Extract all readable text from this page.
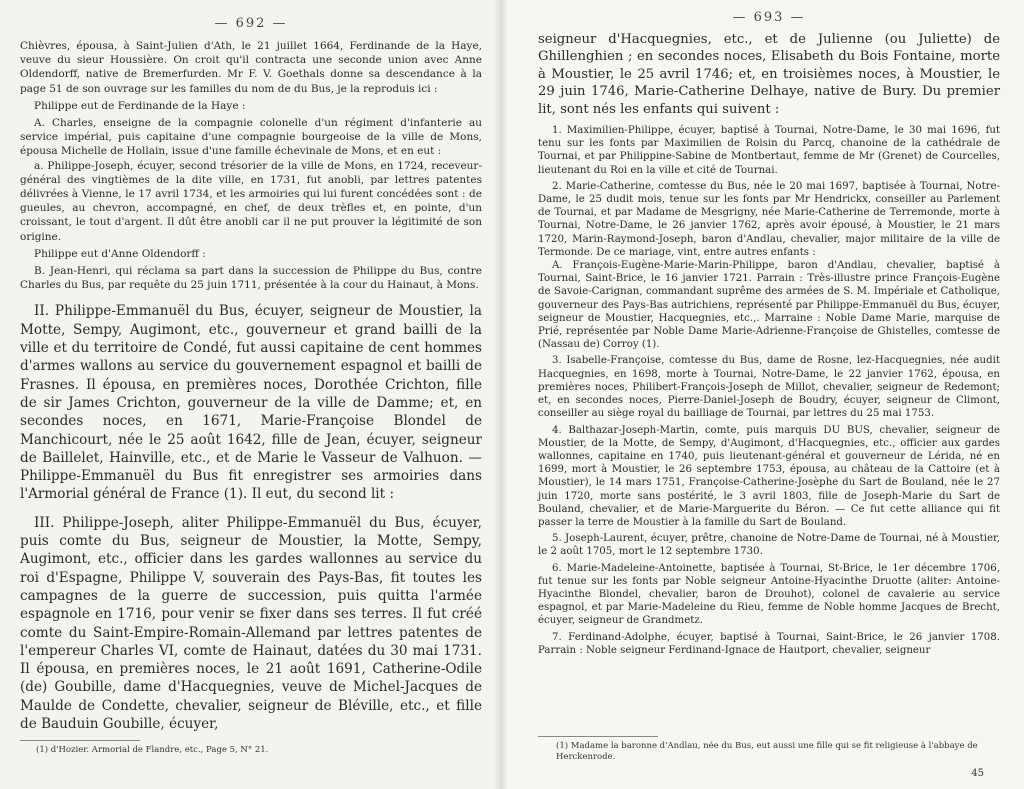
— 692 —

Chièvres, épousa, à Saint-Julien d'Ath, le 21 juillet 1664, Ferdinande de la Haye, veuve du sieur Houssière. On croit qu'il contracta une seconde union avec Anne Oldendorff, native de Bremerfurden. Mr F. V. Goethals donne sa descendance à la page 51 de son ouvrage sur les familles du nom de du Bus, je la reproduis ici :

Philippe eut de Ferdinande de la Haye :

A. Charles, enseigne de la compagnie colonelle d'un régiment d'infanterie au service impérial, puis capitaine d'une compagnie bourgeoise de la ville de Mons, épousa Michelle de Hollain, issue d'une famille échevinale de Mons, et en eut :

a. Philippe-Joseph, écuyer, second trésorier de la ville de Mons, en 1724, receveur-général des vingtièmes de la dite ville, en 1731, fut anobli, par lettres patentes délivrées à Vienne, le 17 avril 1734, et les armoiries qui lui furent concédées sont : de gueules, au chevron, accompagné, en chef, de deux trèfles et, en pointe, d'un croissant, le tout d'argent. Il dût être anobli car il ne put prouver la légitimité de son origine.

Philippe eut d'Anne Oldendorff :

B. Jean-Henri, qui réclama sa part dans la succession de Philippe du Bus, contre Charles du Bus, par requête du 25 juin 1711, présentée à la cour du Hainaut, à Mons.

II. Philippe-Emmanuël du Bus, écuyer, seigneur de Moustier, la Motte, Sempy, Augimont, etc., gouverneur et grand bailli de la ville et du territoire de Condé, fut aussi capitaine de cent hommes d'armes wallons au service du gouvernement espagnol et bailli de Frasnes. Il épousa, en premières noces, Dorothée Crichton, fille de sir James Crichton, gouverneur de la ville de Damme; et, en secondes noces, en 1671, Marie-Françoise Blondel de Manchicourt, née le 25 août 1642, fille de Jean, écuyer, seigneur de Baillelet, Hainville, etc., et de Marie le Vasseur de Valhuon. — Philippe-Emmanuël du Bus fit enregistrer ses armoiries dans l'Armorial général de France (1). Il eut, du second lit :

III. Philippe-Joseph, aliter Philippe-Emmanuël du Bus, écuyer, puis comte du Bus, seigneur de Moustier, la Motte, Sempy, Augimont, etc., officier dans les gardes wallonnes au service du roi d'Espagne, Philippe V, souverain des Pays-Bas, fit toutes les campagnes de la guerre de succession, puis quitta l'armée espagnole en 1716, pour venir se fixer dans ses terres. Il fut créé comte du Saint-Empire-Romain-Allemand par lettres patentes de l'empereur Charles VI, comte de Hainaut, datées du 30 mai 1731. Il épousa, en premières noces, le 21 août 1691, Catherine-Odile (de) Goubille, dame d'Hacquegnies, veuve de Michel-Jacques de Maulde de Condette, chevalier, seigneur de Bléville, etc., et fille de Bauduin Goubille, écuyer,

(1) d'Hozier. Armorial de Flandre, etc., Page 5, N° 21.
— 693 —

seigneur d'Hacquegnies, etc., et de Julienne (ou Juliette) de Ghillenghien ; en secondes noces, Elisabeth du Bois Fontaine, morte à Moustier, le 25 avril 1746; et, en troisièmes noces, à Moustier, le 29 juin 1746, Marie-Catherine Delhaye, native de Bury. Du premier lit, sont nés les enfants qui suivent :

1. Maximilien-Philippe, écuyer, baptisé à Tournai, Notre-Dame, le 30 mai 1696, fut tenu sur les fonts par Maximilien de Roisin du Parcq, chanoine de la cathédrale de Tournai, et par Philippine-Sabine de Montbertaut, femme de Mr (Grenet) de Courcelles, lieutenant du Roi en la ville et cité de Tournai.

2. Marie-Catherine, comtesse du Bus, née le 20 mai 1697, baptisée à Tournai, Notre-Dame, le 25 dudit mois, tenue sur les fonts par Mr Hendrickx, conseiller au Parlement de Tournai, et par Madame de Mesgrigny, née Marie-Catherine de Terremonde, morte à Tournai, Notre-Dame, le 26 janvier 1762, après avoir épousé, à Moustier, le 21 mars 1720, Marin-Raymond-Joseph, baron d'Andlau, chevalier, major militaire de la ville de Termonde. De ce mariage, vint, entre autres enfants :

A. François-Eugène-Marie-Marin-Philippe, baron d'Andlau, chevalier, baptisé à Tournai, Saint-Brice, le 16 janvier 1721. Parrain : Très-illustre prince François-Eugène de Savoie-Carignan, commandant suprême des armées de S. M. Impériale et Catholique, gouverneur des Pays-Bas autrichiens, représenté par Philippe-Emmanuël du Bus, écuyer, seigneur de Moustier, Hacquegnies, etc.,. Marraine : Noble Dame Marie, marquise de Prié, représentée par Noble Dame Marie-Adrienne-Françoise de Ghistelles, comtesse de (Nassau de) Corroy (1).

3. Isabelle-Françoise, comtesse du Bus, dame de Rosne, lez-Hacquegnies, née audit Hacquegnies, en 1698, morte à Tournai, Notre-Dame, le 22 janvier 1762, épousa, en premières noces, Philibert-François-Joseph de Millot, chevalier, seigneur de Redemont; et, en secondes noces, Pierre-Daniel-Joseph de Boudry, écuyer, seigneur de Climont, conseiller au siège royal du bailliage de Tournai, par lettres du 25 mai 1753.

4. Balthazar-Joseph-Martin, comte, puis marquis DU BUS, chevalier, seigneur de Moustier, de la Motte, de Sempy, d'Augimont, d'Hacquegnies, etc., officier aux gardes wallonnes, capitaine en 1740, puis lieutenant-général et gouverneur de Lérida, né en 1699, mort à Moustier, le 26 septembre 1753, épousa, au château de la Cattoire (et à Moustier), le 14 mars 1751, Françoise-Catherine-Josèphe du Sart de Bouland, née le 27 juin 1720, morte sans postérité, le 3 avril 1803, fille de Joseph-Marie du Sart de Bouland, chevalier, et de Marie-Marguerite du Béron. — Ce fut cette alliance qui fit passer la terre de Moustier à la famille du Sart de Bouland.

5. Joseph-Laurent, écuyer, prêtre, chanoine de Notre-Dame de Tournai, né à Moustier, le 2 août 1705, mort le 12 septembre 1730.

6. Marie-Madeleine-Antoinette, baptisée à Tournai, St-Brice, le 1er décembre 1706, fut tenue sur les fonts par Noble seigneur Antoine-Hyacinthe Druotte (aliter: Antoine-Hyacinthe Blondel, chevalier, baron de Drouhot), colonel de cavalerie au service espagnol, et par Marie-Madeleine du Rieu, femme de Noble homme Jacques de Brecht, écuyer, seigneur de Grandmetz.

7. Ferdinand-Adolphe, écuyer, baptisé à Tournai, Saint-Brice, le 26 janvier 1708. Parrain : Noble seigneur Ferdinand-Ignace de Hautport, chevalier, seigneur

(1) Madame la baronne d'Andlau, née du Bus, eut aussi une fille qui se fit religieuse à l'abbaye de Herckenrode.
45
